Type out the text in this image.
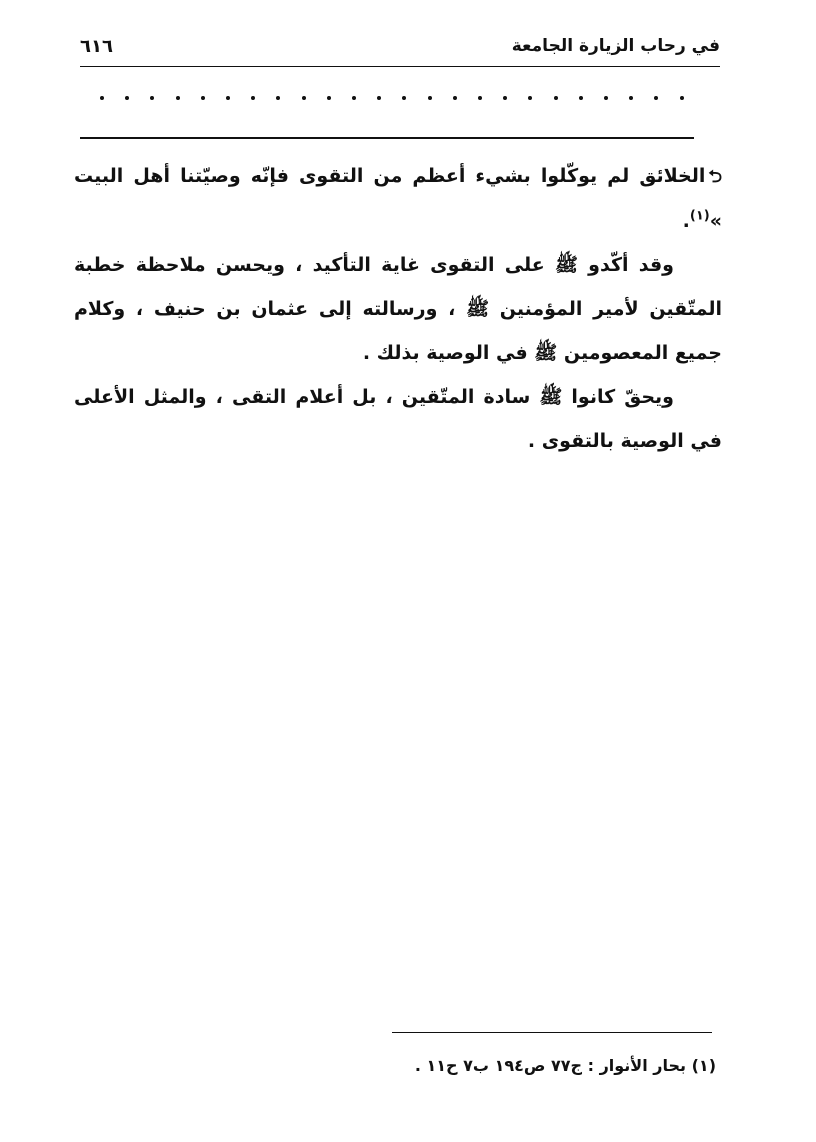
في رحاب الزيارة الجامعة
٦١٦

⮌الخلائق لم يوكّلوا بشيء أعظم من التقوى فإنّه وصيّتنا أهل البيت »$^{(١)}$.

وقد أكّدو ﷺ على التقوى غاية التأكيد ، ويحسن ملاحظة خطبة المتّقين لأمير المؤمنين ﷺ ، ورسالته إلى عثمان بن حنيف ، وكلام جميع المعصومين ﷺ في الوصية بذلك .

ويحقّ كانوا ﷺ سادة المتّقين ، بل أعلام التقى ، والمثل الأعلى في الوصية بالتقوى .

(١) بحار الأنوار : ج٧٧ ص١٩٤ ب٧ ح١١ .
